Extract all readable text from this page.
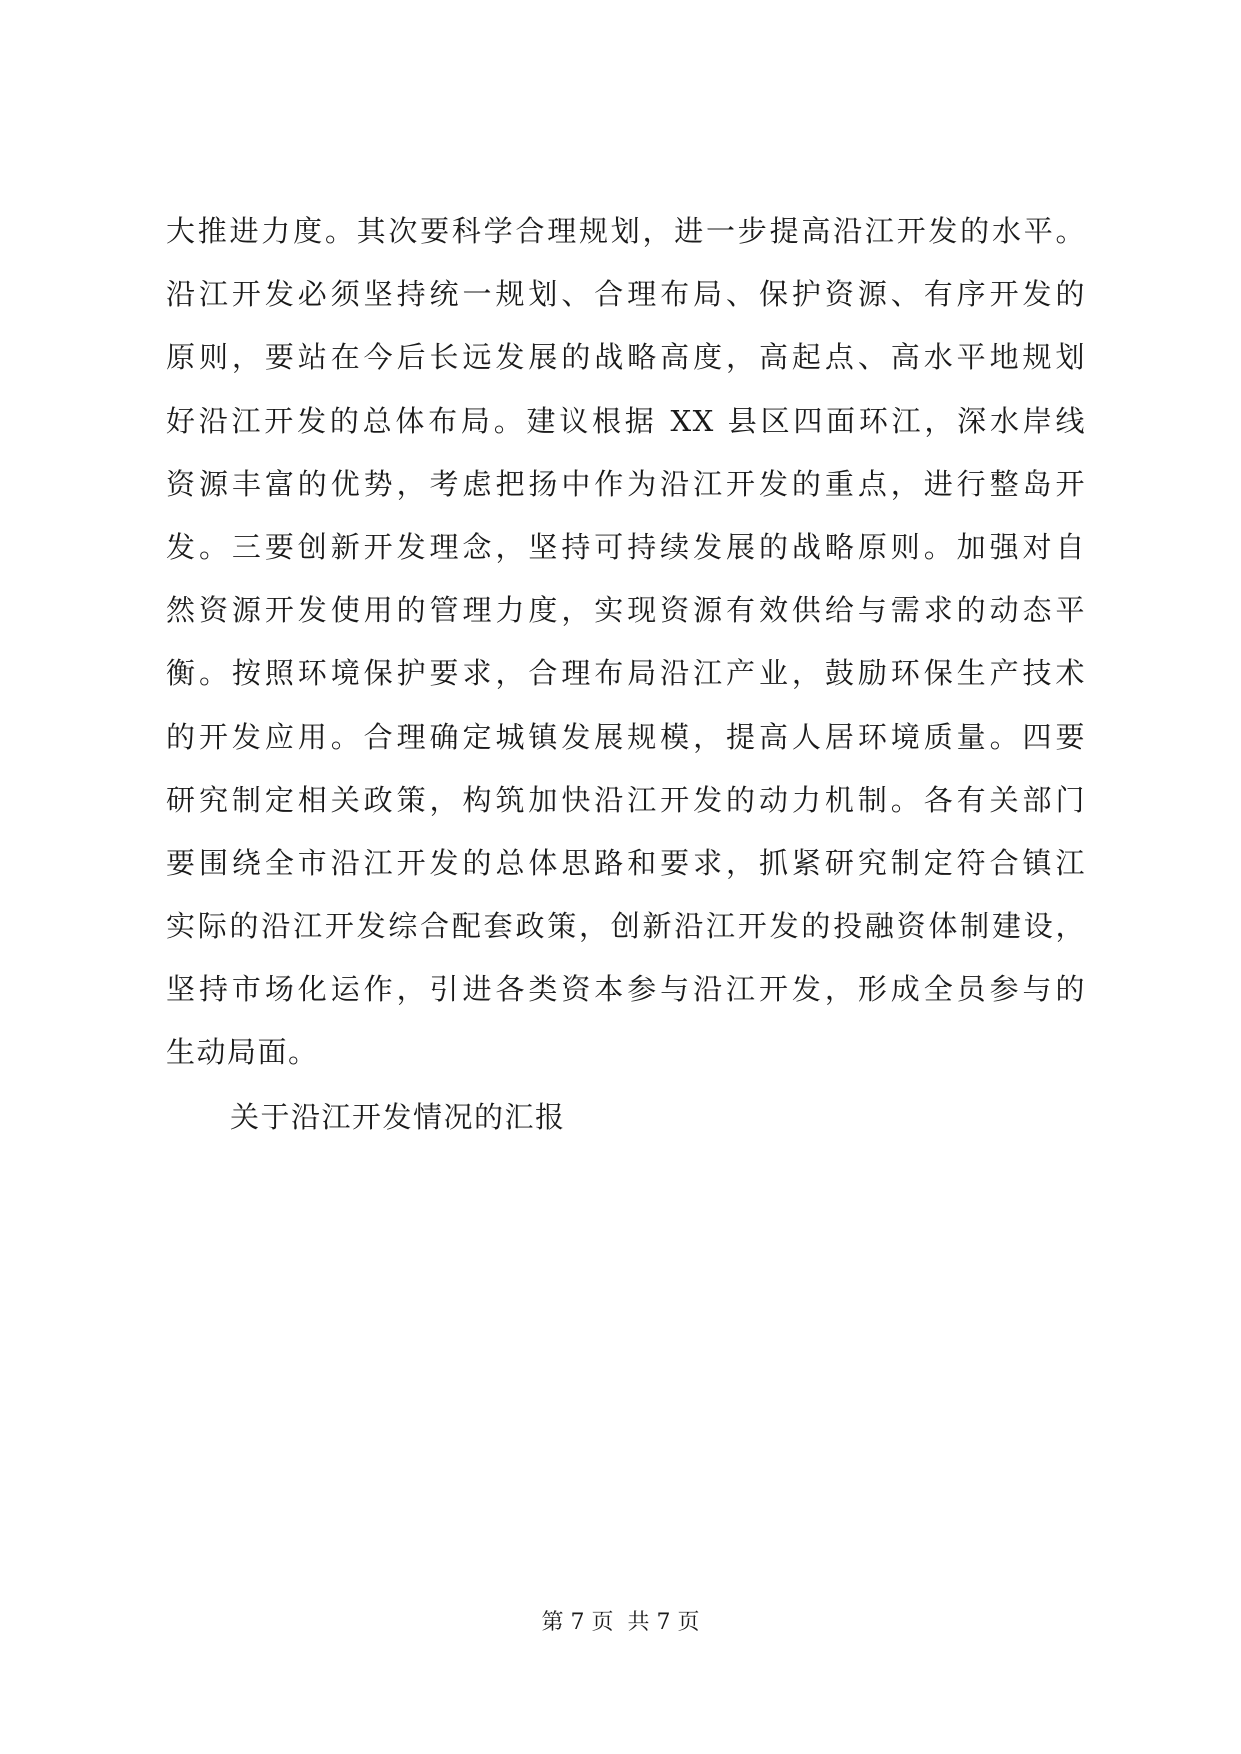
大推进力度。其次要科学合理规划，进一步提高沿江开发的水平。
沿江开发必须坚持统一规划、合理布局、保护资源、有序开发的
原则，要站在今后长远发展的战略高度，高起点、高水平地规划
好沿江开发的总体布局。建议根据 XX 县区四面环江，深水岸线
资源丰富的优势，考虑把扬中作为沿江开发的重点，进行整岛开
发。三要创新开发理念，坚持可持续发展的战略原则。加强对自
然资源开发使用的管理力度，实现资源有效供给与需求的动态平
衡。按照环境保护要求，合理布局沿江产业，鼓励环保生产技术
的开发应用。合理确定城镇发展规模，提高人居环境质量。四要
研究制定相关政策，构筑加快沿江开发的动力机制。各有关部门
要围绕全市沿江开发的总体思路和要求，抓紧研究制定符合镇江
实际的沿江开发综合配套政策，创新沿江开发的投融资体制建设，
坚持市场化运作，引进各类资本参与沿江开发，形成全员参与的
生动局面。
关于沿江开发情况的汇报
第 7 页  共 7 页
